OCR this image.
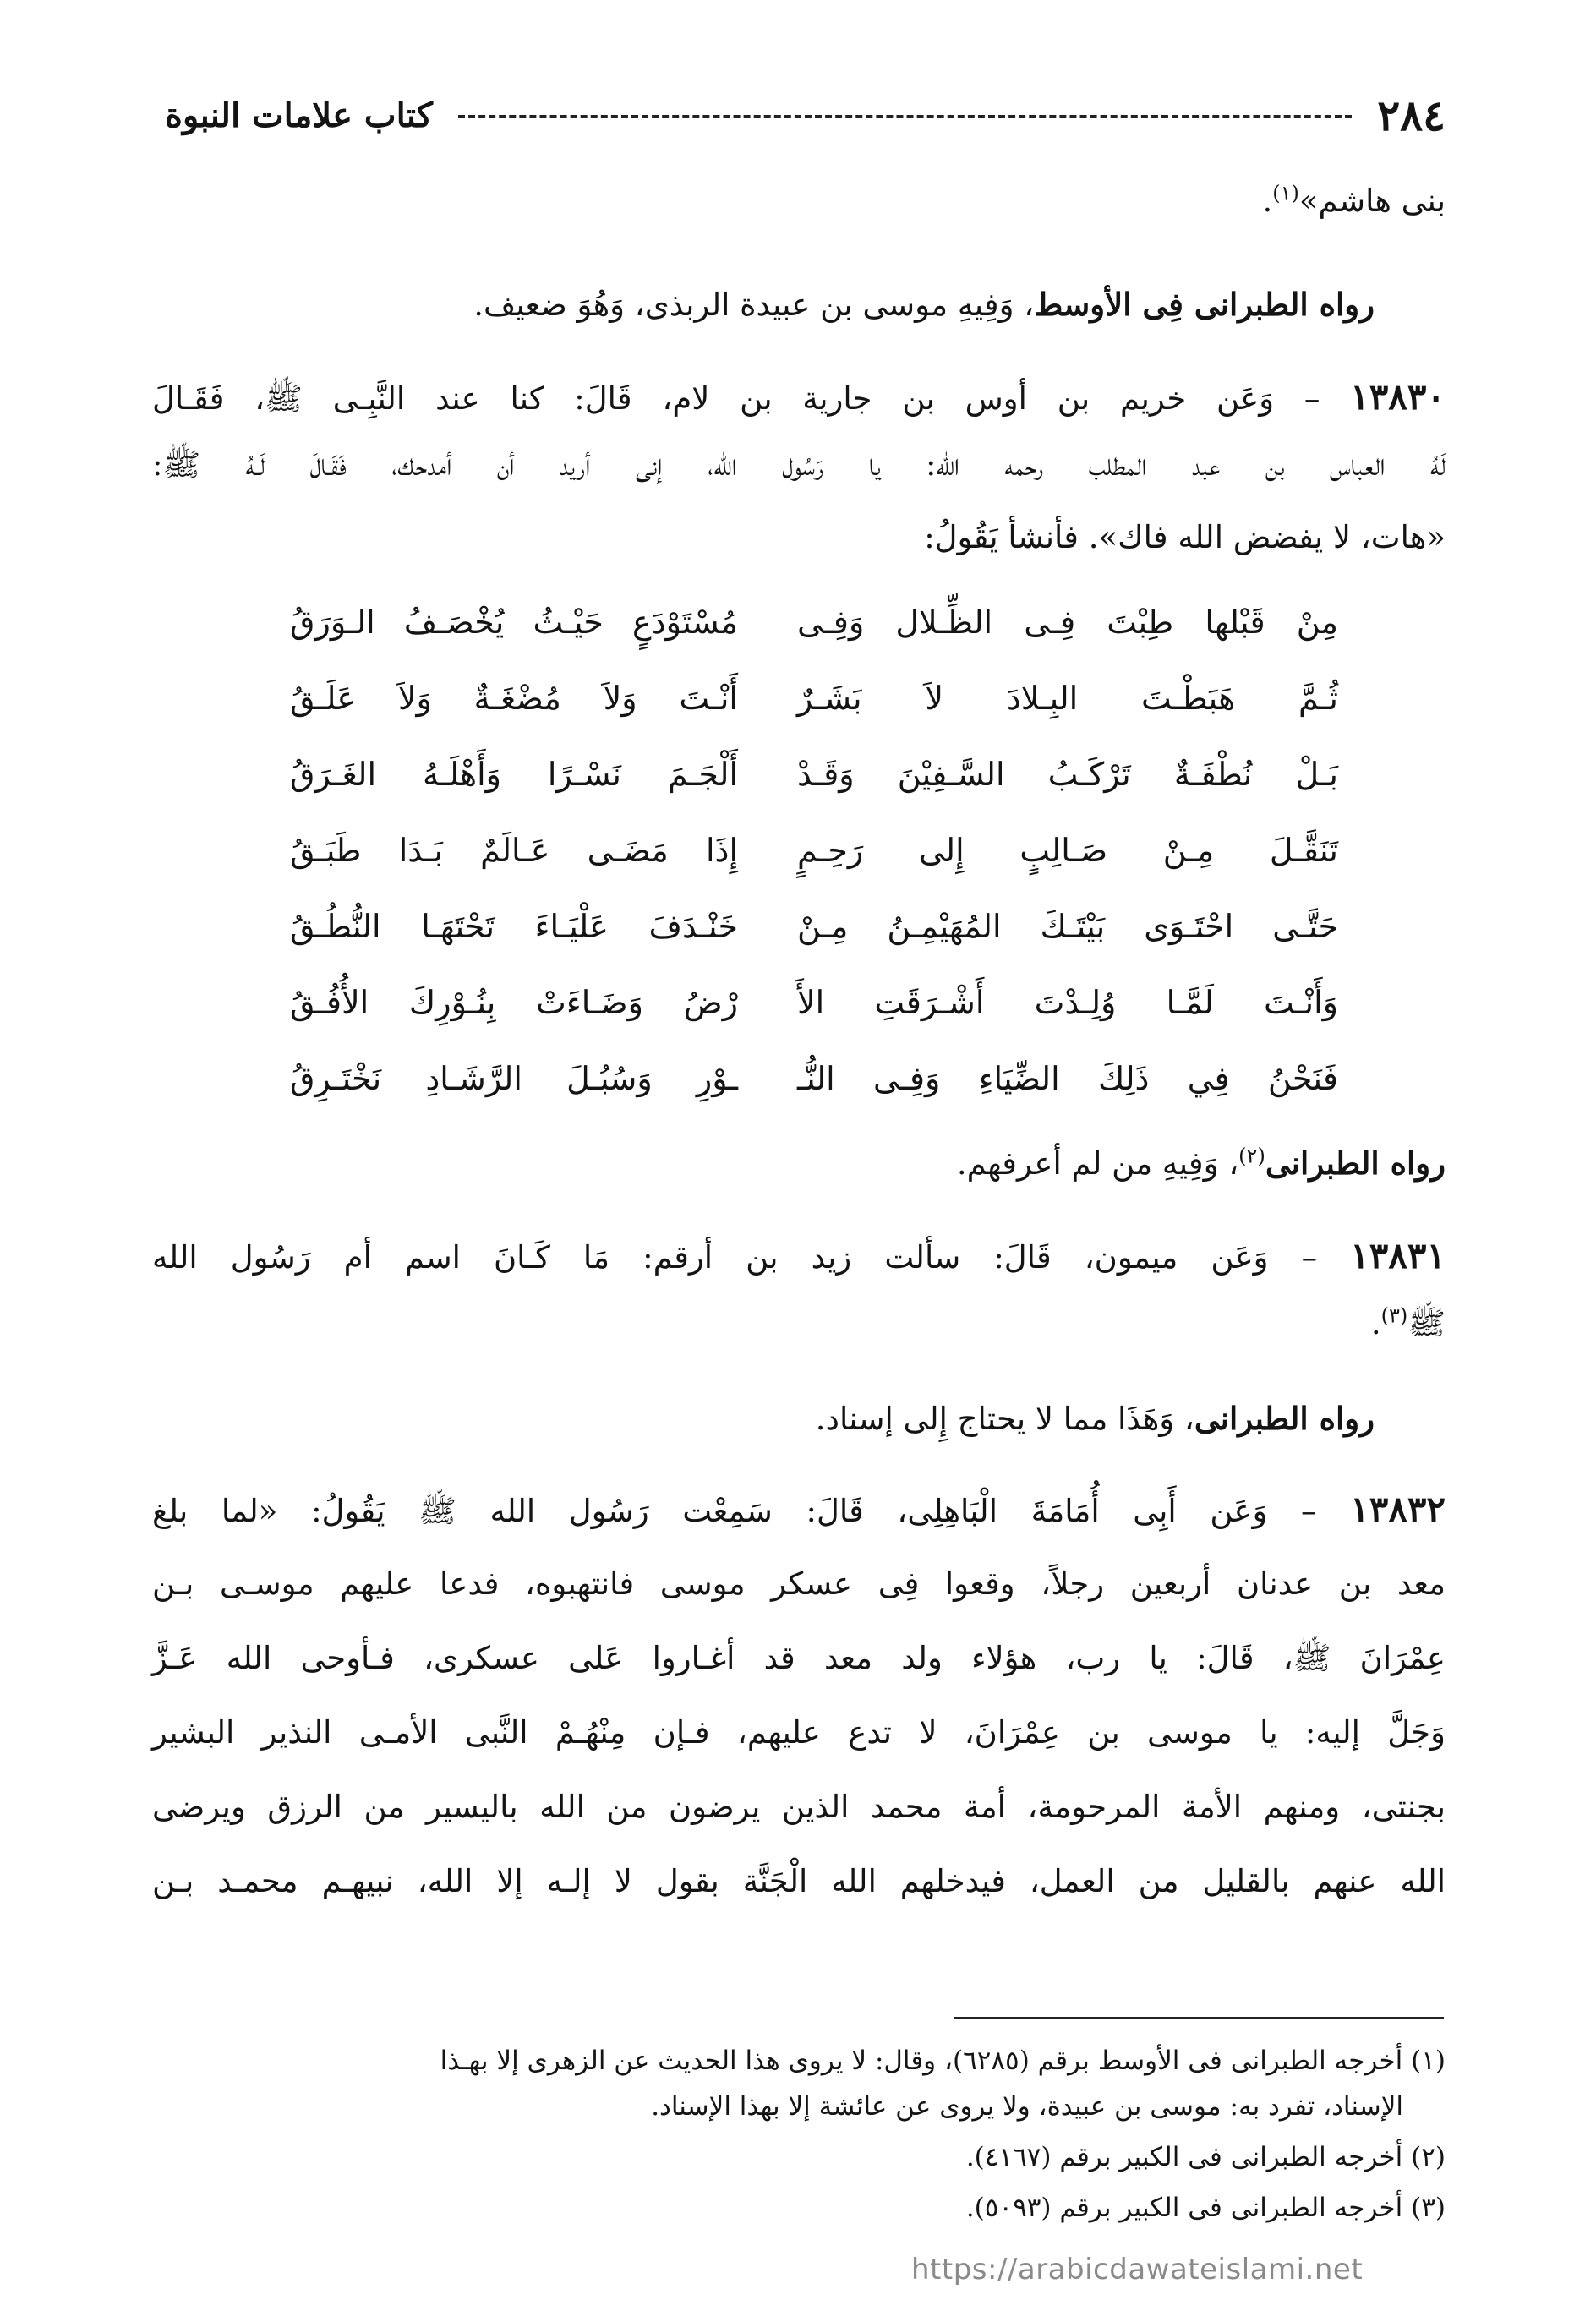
٢٨٤
كتاب علامات النبوة
بنى هاشم»$^{(١)}$.
رواه الطبرانى فِى الأوسط، وَفِيهِ موسى بن عبيدة الربذى، وَهُوَ ضعيف.
١٣٨٣٠ – وَعَن خريم بن أوس بن جارية بن لام، قَالَ: كنا عند النَّبِـى ﷺ، فَقَـالَ
لَهُ العباس بن عبد المطلب رحمه الله: يا رَسُول الله، إنى أريد أن أمدحك، فَقَـالَ لَـهُ ﷺ:
«هات، لا يفضض الله فاك». فأنشأ يَقُولُ:
مِنْ قَبْلها طِبْتَ فِـى الظِّـلال وَفِـى
مُسْتَوْدَعٍ حَيْـثُ يُخْصَـفُ الـوَرَقُ
ثُـمَّ هَبَطْـتَ البِـلادَ لاَ بَشَـرٌ
أَنْـتَ وَلاَ مُضْغَـةٌ وَلاَ عَلَـقُ
بَـلْ نُطْفَـةٌ تَرْكَـبُ السَّـفِيْنَ وَقَـدْ
أَلْجَـمَ نَسْـرًا وَأَهْلَـهُ الغَـرَقُ
تَنَقَّـلَ مِـنْ صَـالِبٍ إِلى رَحِـمٍ
إِذَا مَضَـى عَـالَمٌ بَـدَا طَبَـقُ
حَتَّـى احْتَـوَى بَيْتَـكَ المُهَيْمِـنُ مِـنْ
خَنْـدَفَ عَلْيَـاءَ تَحْتَهَـا النُّطُـقُ
وَأَنْـتَ لَمَّـا وُلِـدْتَ أَشْـرَقَتِ الأَ
رْضُ وَضَـاءَتْ بِنُـوْرِكَ الأُفُـقُ
فَنَحْنُ فِي ذَلِكَ الضِّيَاءِ وَفِـى النُّـ
ـوْرِ وَسُبُـلَ الرَّشَـادِ نَخْتَـرِقُ
رواه الطبرانى$^{(٢)}$، وَفِيهِ من لم أعرفهم.
١٣٨٣١ – وَعَن ميمون، قَالَ: سألت زيد بن أرقم: مَا كَـانَ اسم أم رَسُول الله
ﷺ$^{(٣)}$.
رواه الطبرانى، وَهَذَا مما لا يحتاج إِلى إسناد.
١٣٨٣٢ – وَعَن أَبِى أُمَامَةَ الْبَاهِلِى، قَالَ: سَمِعْت رَسُول الله ﷺ يَقُولُ: «لما بلغ
معد بن عدنان أربعين رجلاً، وقعوا فِى عسكر موسى فانتهبوه، فدعا عليهم موسـى بـن
عِمْرَانَ ﷺ، قَالَ: يا رب، هؤلاء ولد معد قد أغـاروا عَلى عسكرى، فـأوحى الله عَـزَّ
وَجَلَّ إليه: يا موسى بن عِمْرَانَ، لا تدع عليهم، فـإن مِنْهُـمْ النَّبى الأمـى النذير البشير
بجنتى، ومنهم الأمة المرحومة، أمة محمد الذين يرضون من الله باليسير من الرزق ويرضى
الله عنهم بالقليل من العمل، فيدخلهم الله الْجَنَّة بقول لا إلـه إلا الله، نبيهـم محمـد بـن
(١) أخرجه الطبرانى فى الأوسط برقم (٦٢٨٥)، وقال: لا يروى هذا الحديث عن الزهرى إلا بهـذا
الإسناد، تفرد به: موسى بن عبيدة، ولا يروى عن عائشة إلا بهذا الإسناد.
(٢) أخرجه الطبرانى فى الكبير برقم (٤١٦٧).
(٣) أخرجه الطبرانى فى الكبير برقم (٥٠٩٣).
https://arabicdawateislami.net
